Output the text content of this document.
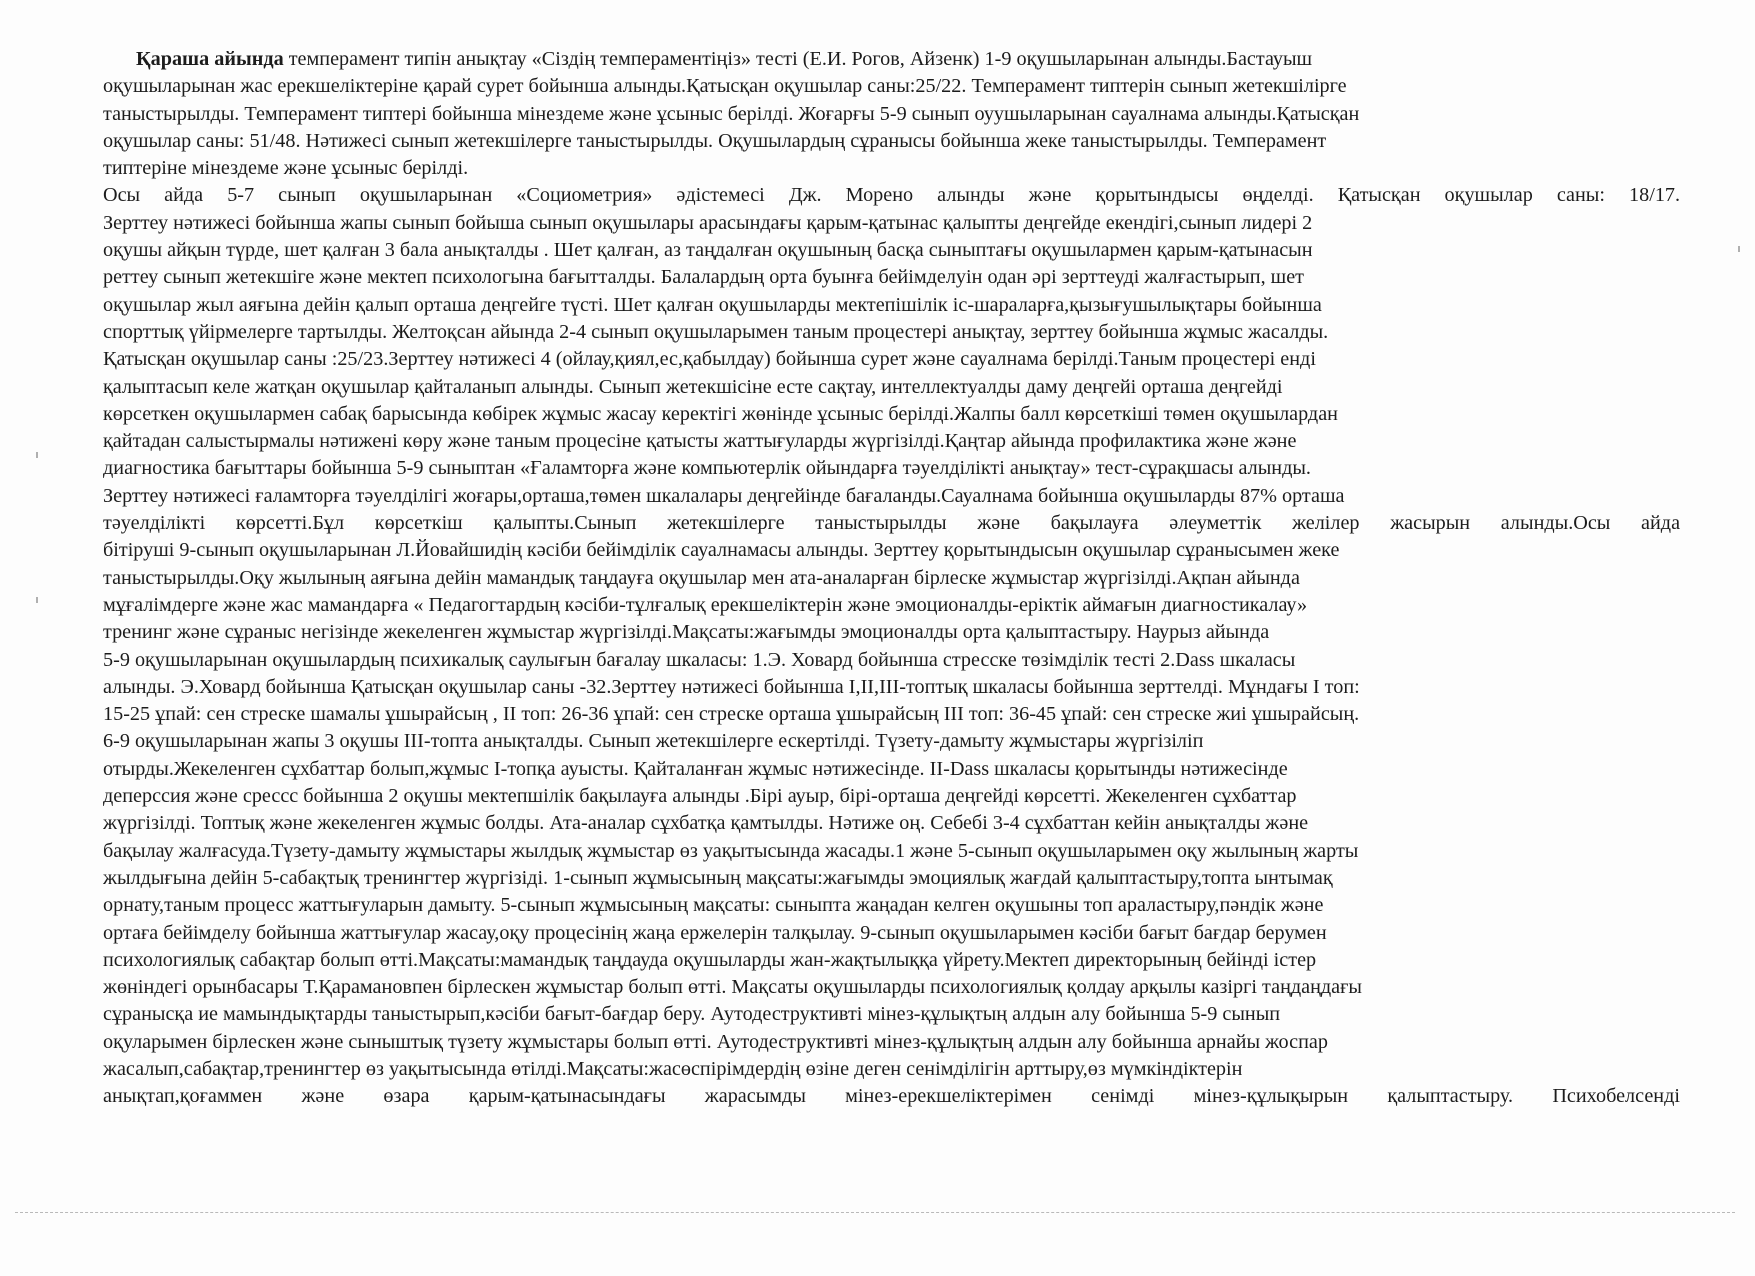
Қараша айында темперамент типін анықтау «Сіздің темпераментіңіз» тесті (Е.И. Рогов, Айзенк) 1-9 оқушыларынан алынды.Бастауыш
оқушыларынан жас ерекшеліктеріне қарай сурет бойынша алынды.Қатысқан оқушылар саны:25/22. Темперамент типтерін сынып жетекшілірге
таныстырылды. Темперамент типтері бойынша мінездеме және ұсыныс берілді. Жоғарғы 5-9 сынып оуушыларынан сауалнама алынды.Қатысқан
оқушылар саны: 51/48. Нәтижесі сынып жетекшілерге таныстырылды. Оқушылардың сұранысы бойынша жеке таныстырылды. Темперамент
типтеріне мінездеме және ұсыныс берілді.
Осы айда 5-7 сынып оқушыларынан «Социометрия» әдістемесі Дж. Морено алынды және қорытындысы өңделді. Қатысқан оқушылар саны: 18/17.
Зерттеу нәтижесі бойынша жапы сынып бойыша сынып оқушылары арасындағы қарым-қатынас қалыпты деңгейде екендігі,сынып лидері 2
оқушы айқын түрде, шет қалған 3 бала анықталды . Шет қалған, аз таңдалған оқушының басқа сыныптағы оқушылармен қарым-қатынасын
реттеу сынып жетекшіге және мектеп психологына бағытталды. Балалардың орта буынға бейімделуін одан әрі зерттеуді жалғастырып, шет
оқушылар жыл аяғына дейін қалып орташа деңгейге түсті. Шет қалған оқушыларды мектепішілік іс-шараларға,қызығушылықтары бойынша
спорттық үйірмелерге тартылды. Желтоқсан айында 2-4 сынып оқушыларымен таным процестері анықтау, зерттеу бойынша жұмыс жасалды.
Қатысқан оқушылар саны :25/23.Зерттеу нәтижесі 4 (ойлау,қиял,ес,қабылдау) бойынша сурет және сауалнама берілді.Таным процестері енді
қалыптасып келе жатқан оқушылар қайталанып алынды. Сынып жетекшісіне есте сақтау, интеллектуалды даму деңгейі орташа деңгейді
көрсеткен оқушылармен сабақ барысында көбірек жұмыс жасау керектігі жөнінде ұсыныс берілді.Жалпы балл көрсеткіші төмен оқушылардан
қайтадан салыстырмалы нәтижені көру және таным процесіне қатысты жаттығуларды жүргізілді.Қаңтар айында профилактика және және
диагностика бағыттары бойынша 5-9 сыныптан «Ғаламторға және компьютерлік ойындарға тәуелділікті анықтау» тест-сұрақшасы алынды.
Зерттеу нәтижесі ғаламторға тәуелділігі жоғары,орташа,төмен шкалалары деңгейінде бағаланды.Сауалнама бойынша оқушыларды 87% орташа
тәуелділікті көрсетті.Бұл көрсеткіш қалыпты.Сынып жетекшілерге таныстырылды және бақылауға әлеуметтік желілер жасырын алынды.Осы айда
бітіруші 9-сынып оқушыларынан Л.Йовайшидің кәсіби бейімділік сауалнамасы алынды. Зерттеу қорытындысын оқушылар сұранысымен жеке
таныстырылды.Оқу жылының аяғына дейін мамандық таңдауға оқушылар мен ата-аналарған бірлеске жұмыстар жүргізілді.Ақпан айында
мұғалімдерге және жас мамандарға « Педагогтардың кәсіби-тұлғалық ерекшеліктерін және эмоционалды-еріктік аймағын диагностикалау»
тренинг және сұраныс негізінде жекеленген жұмыстар жүргізілді.Мақсаты:жағымды эмоционалды орта қалыптастыру. Наурыз айында
5-9 оқушыларынан оқушылардың психикалық саулығын бағалау шкаласы: 1.Э. Ховард бойынша стресске төзімділік тесті 2.Dass шкаласы
алынды. Э.Ховард бойынша Қатысқан оқушылар саны -32.Зерттеу нәтижесі бойынша І,ІІ,ІІІ-топтық шкаласы бойынша зерттелді. Мұндағы І топ:
15-25 ұпай: сен стреске шамалы ұшырайсың , ІІ топ: 26-36 ұпай: сен стреске орташа ұшырайсың ІІІ топ: 36-45 ұпай: сен стреске жиі ұшырайсың.
6-9 оқушыларынан жапы 3 оқушы ІІІ-топта анықталды. Сынып жетекшілерге ескертілді. Түзету-дамыту жұмыстары жүргізіліп
отырды.Жекеленген сұхбаттар болып,жұмыс І-топқа ауысты. Қайталанған жұмыс нәтижесінде. ІІ-Dass шкаласы қорытынды нәтижесінде
деперссия және срессс бойынша 2 оқушы мектепшілік бақылауға алынды .Бірі ауыр, бірі-орташа деңгейді көрсетті. Жекеленген сұхбаттар
жүргізілді. Топтық және жекеленген жұмыс болды. Ата-аналар сұхбатқа қамтылды. Нәтиже оң. Себебі 3-4 сұхбаттан кейін анықталды және
бақылау жалғасуда.Түзету-дамыту жұмыстары жылдық жұмыстар өз уақытысында жасады.1 және 5-сынып оқушыларымен оқу жылының жарты
жылдығына дейін 5-сабақтық тренингтер жүргізіді. 1-сынып жұмысының мақсаты:жағымды эмоциялық жағдай қалыптастыру,топта ынтымақ
орнату,таным процесс жаттығуларын дамыту. 5-сынып жұмысының мақсаты: сыныпта жаңадан келген оқушыны топ араластыру,пәндік және
ортаға бейімделу бойынша жаттығулар жасау,оқу процесінің жаңа ержелерін талқылау. 9-сынып оқушыларымен кәсіби бағыт бағдар берумен
психологиялық сабақтар болып өтті.Мақсаты:мамандық таңдауда оқушыларды жан-жақтылыққа үйрету.Мектеп директорының бейінді істер
жөніндегі орынбасары Т.Қарамановпен бірлескен жұмыстар болып өтті. Мақсаты оқушыларды психологиялық қолдау арқылы казіргі таңдаңдағы
сұранысқа ие мамындықтарды таныстырып,кәсіби бағыт-бағдар беру. Аутодеструктивті мінез-құлықтың алдын алу бойынша 5-9 сынып
оқуларымен бірлескен және сыныштық түзету жұмыстары болып өтті. Аутодеструктивті мінез-құлықтың алдын алу бойынша арнайы жоспар
жасалып,сабақтар,тренингтер өз уақытысында өтілді.Мақсаты:жасөспірімдердің өзіне деген сенімділігін арттыру,өз мүмкіндіктерін
анықтап,қоғаммен және өзара қарым-қатынасындағы жарасымды мінез-ерекшеліктерімен сенімді мінез-құлықырын қалыптастыру. Психобелсенді
